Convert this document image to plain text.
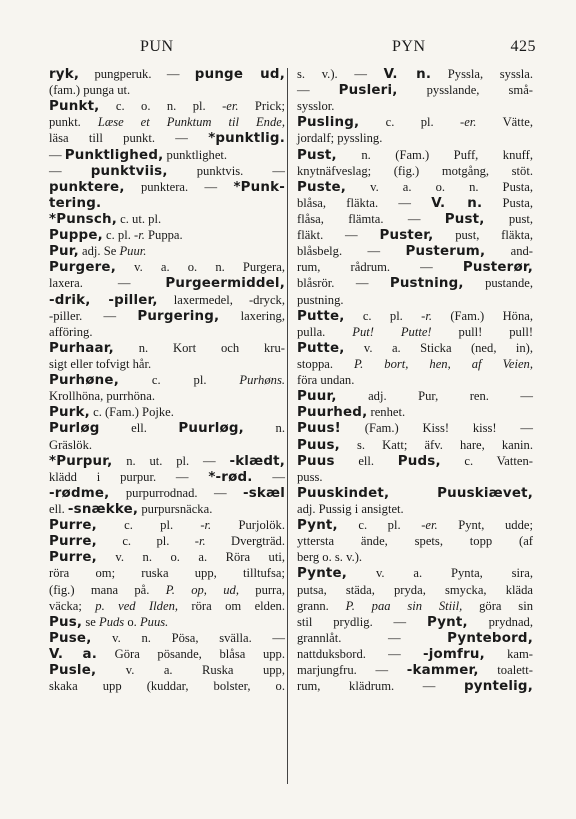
PUN	PYN	425
ryk, pungperuk. — punge ud,
(fam.) punga ut.
Punkt, c. o. n. pl. -er. Prick;
punkt. Læse et Punktum til Ende,
läsa till punkt. — *punktlig.
— Punktlighed, punktlighet.
— punktviis, punktvis. —
punktere, punktera. — *Punk-
tering.
*Punsch, c. ut. pl.
Puppe, c. pl. -r. Puppa.
Pur, adj. Se Puur.
Purgere, v. a. o. n. Purgera,
laxera. — Purgeermiddel,
-drik, -piller, laxermedel, -dryck,
-piller. — Purgering, laxering,
afföring.
Purhaar, n. Kort och kru-
sigt eller tofvigt hår.
Purhøne, c. pl. Purhøns.
Krollhöna, purrhöna.
Purk, c. (Fam.) Pojke.
Purløg ell. Puurløg, n.
Gräslök.
*Purpur, n. ut. pl. — -klædt,
klädd i purpur. — *-rød. —
-rødme, purpurrodnad. — -skæl
ell. -snække, purpursnäcka.
Purre, c. pl. -r. Purjolök.
Purre, c. pl. -r. Dvergträd.
Purre, v. n. o. a. Röra uti,
röra om; ruska upp, tilltufsa;
(fig.) mana på. P. op, ud, purra,
väcka; p. ved Ilden, röra om elden.
Pus, se Puds o. Puus.
Puse, v. n. Pösa, svälla. —
V. a. Göra pösande, blåsa upp.
Pusle, v. a. Ruska upp,
skaka upp (kuddar, bolster, o.
s. v.). — V. n. Pyssla, syssla.
— Pusleri, pysslande, små-
sysslor.
Pusling, c. pl. -er. Vätte,
jordalf; pyssling.
Pust, n. (Fam.) Puff, knuff,
knytnäfveslag; (fig.) motgång, stöt.
Puste, v. a. o. n. Pusta,
blåsa, fläkta. — V. n. Pusta,
flåsa, flämta. — Pust, pust,
fläkt. — Puster, pust, fläkta,
blåsbelg. — Pusterum, and-
rum, rådrum. — Pusterør,
blåsrör. — Pustning, pustande,
pustning.
Putte, c. pl. -r. (Fam.) Höna,
pulla. Put! Putte! pull! pull!
Putte, v. a. Sticka (ned, in),
stoppa. P. bort, hen, af Veien,
föra undan.
Puur, adj. Pur, ren. —
Puurhed, renhet.
Puus! (Fam.) Kiss! kiss! —
Puus, s. Katt; äfv. hare, kanin.
Puus ell. Puds, c. Vatten-
puss.
Puuskindet, Puuskiævet,
adj. Pussig i ansigtet.
Pynt, c. pl. -er. Pynt, udde;
yttersta ände, spets, topp (af
berg o. s. v.).
Pynte, v. a. Pynta, sira,
putsa, städa, pryda, smycka, kläda
grann. P. paa sin Stiil, göra sin
stil prydlig. — Pynt, prydnad,
grannlåt. — Pyntebord,
nattduksbord. — -jomfru, kam-
marjungfru. — -kammer, toalett-
rum, klädrum. — pyntelig,
